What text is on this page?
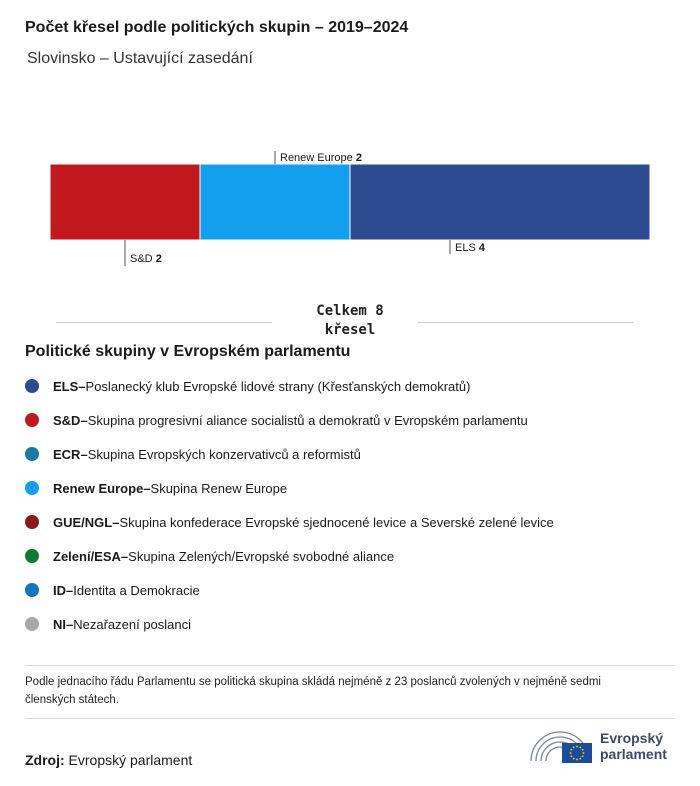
Počet křesel podle politických skupin – 2019–2024
Slovinsko – Ustavující zasedání
S&D 2
Renew Europe 2
ELS 4
Celkem 8
křesel
Politické skupiny v Evropském parlamentu
ELS – Poslanecký klub Evropské lidové strany (Křesťanských demokratů)
S&D – Skupina progresivní aliance socialistů a demokratů v Evropském parlamentu
ECR – Skupina Evropských konzervativců a reformistů
Renew Europe – Skupina Renew Europe
GUE/NGL – Skupina konfederace Evropské sjednocené levice a Severské zelené levice
Zelení/ESA – Skupina Zelených/Evropské svobodné aliance
ID – Identita a Demokracie
NI – Nezařazení poslanci
Podle jednacího řádu Parlamentu se politická skupina skládá nejméně z 23 poslanců zvolených v nejméně sedmi členských státech.
Zdroj: Evropský parlament
Evropský
parlament
